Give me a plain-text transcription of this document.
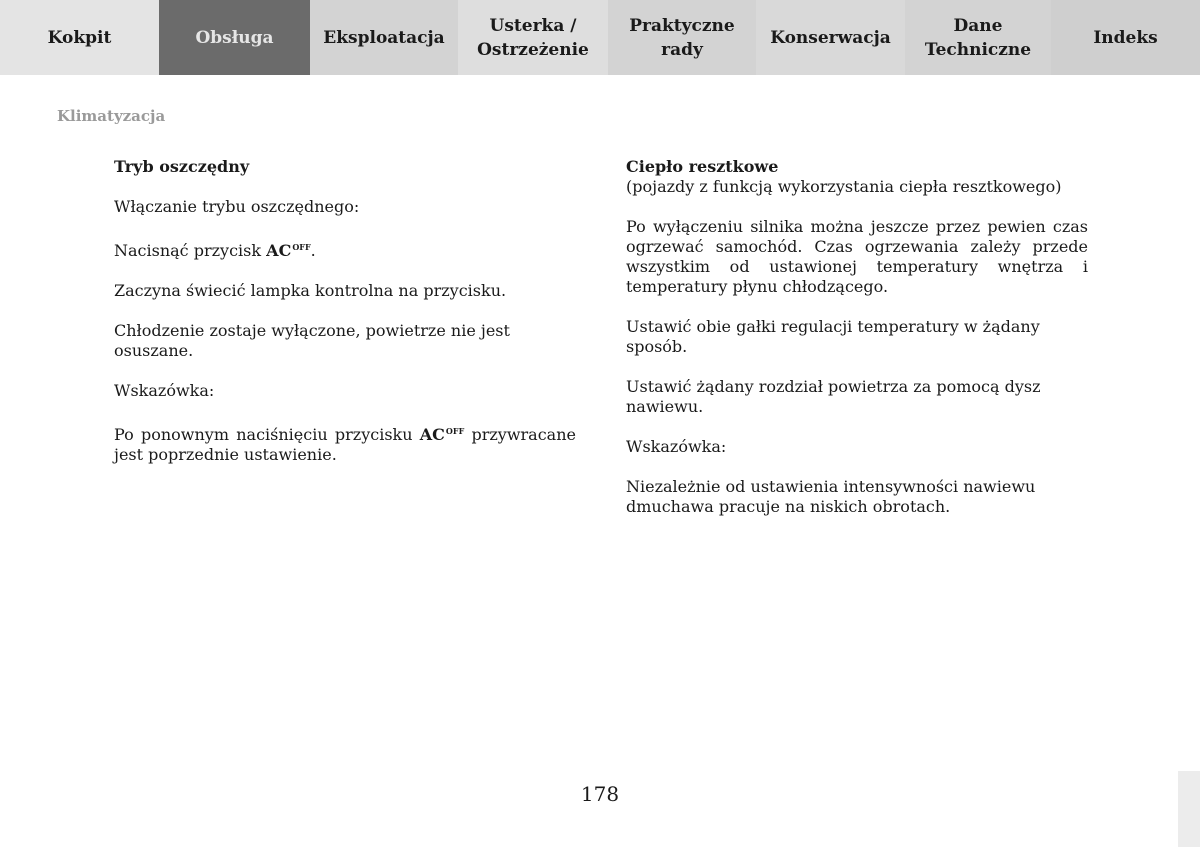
Kokpit	Obsługa	Eksploatacja
Usterka /
Ostrzeżenie
Praktyczne
rady
Konserwacja
Dane
Techniczne
Indeks
Klimatyzacja
Tryb oszczędny

Włączanie trybu oszczędnego:

Nacisnąć przycisk $AC^{OFF}$.

Zaczyna świecić lampka kontrolna na przycisku.

Chłodzenie zostaje wyłączone, powietrze nie jest osuszane.

Wskazówka:

Po ponownym naciśnięciu przycisku $AC^{OFF}$ przywracane jest poprzednie ustawienie.

Ciepło resztkowe

(pojazdy z funkcją wykorzystania ciepła resztkowego)

Po wyłączeniu silnika można jeszcze przez pewien czas ogrzewać samochód. Czas ogrzewania zależy przede wszystkim od ustawionej temperatury wnętrza i temperatury płynu chłodzącego.

Ustawić obie gałki regulacji temperatury w żądany sposób.

Ustawić żądany rozdział powietrza za pomocą dysz nawiewu.

Wskazówka:

Niezależnie od ustawienia intensywności nawiewu dmuchawa pracuje na niskich obrotach.

178
